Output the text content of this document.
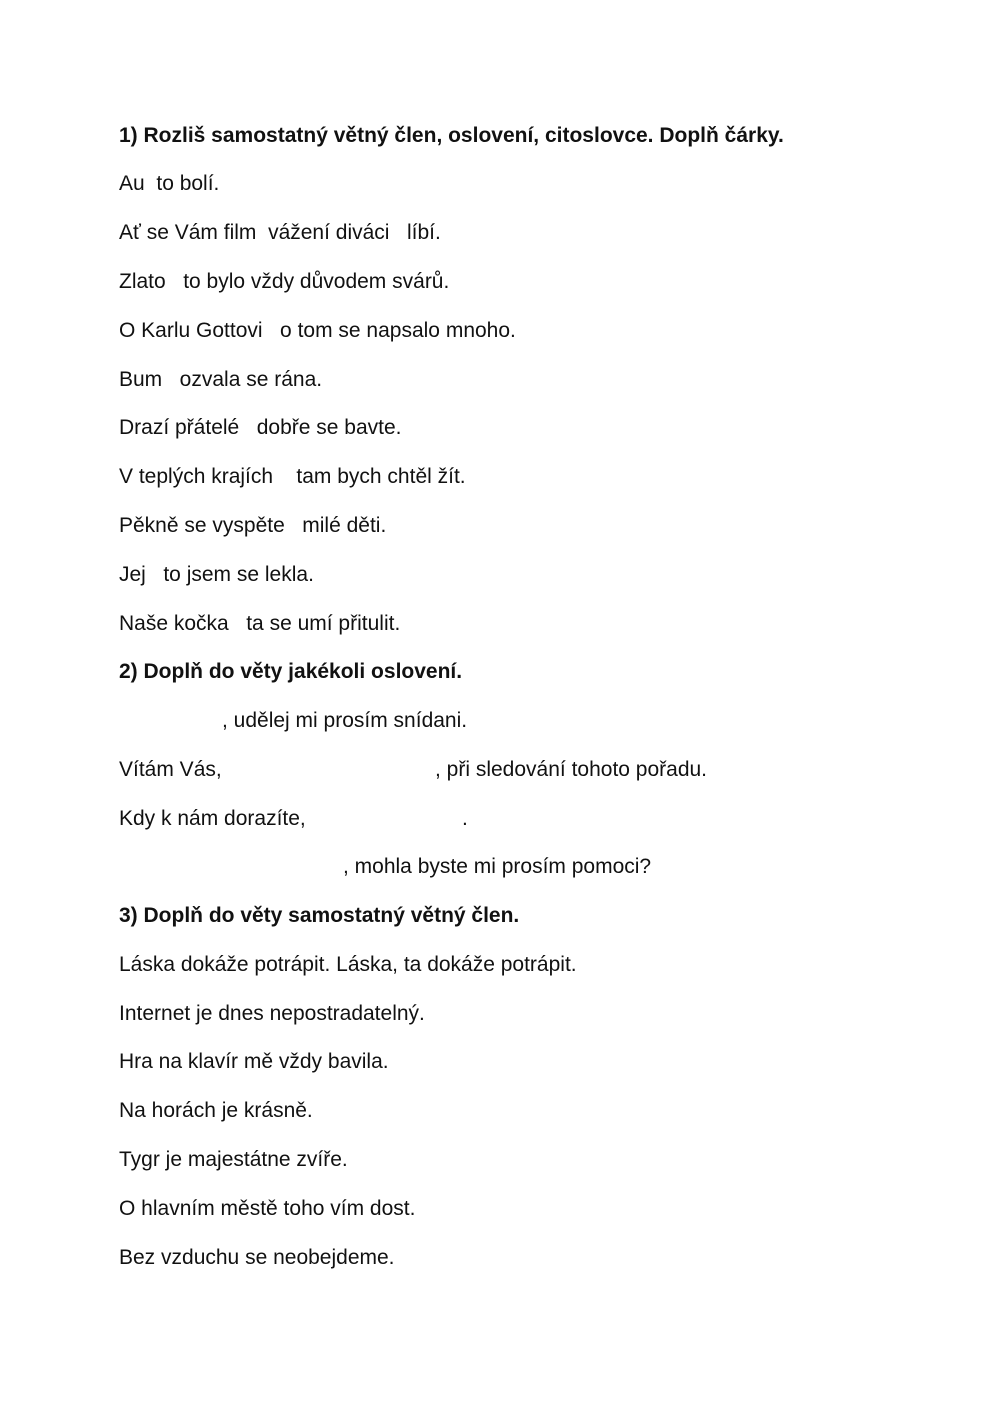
1) Rozliš samostatný větný člen, oslovení, citoslovce. Doplň čárky.

Au  to bolí.

Ať se Vám film  vážení diváci   líbí.

Zlato   to bylo vždy důvodem svárů.

O Karlu Gottovi   o tom se napsalo mnoho.

Bum   ozvala se rána.

Drazí přátelé   dobře se bavte.

V teplých krajích    tam bych chtěl žít.

Pěkně se vyspěte   milé děti.

Jej   to jsem se lekla.

Naše kočka   ta se umí přitulit.

2) Doplň do věty jakékoli oslovení.

, udělej mi prosím snídani.

Vítám Vás,	, při sledování tohoto pořadu.

Kdy k nám dorazíte,	.

, mohla byste mi prosím pomoci?

3) Doplň do věty samostatný větný člen.

Láska dokáže potrápit. Láska, ta dokáže potrápit.

Internet je dnes nepostradatelný.

Hra na klavír mě vždy bavila.

Na horách je krásně.

Tygr je majestátne zvíře.

O hlavním městě toho vím dost.

Bez vzduchu se neobejdeme.
